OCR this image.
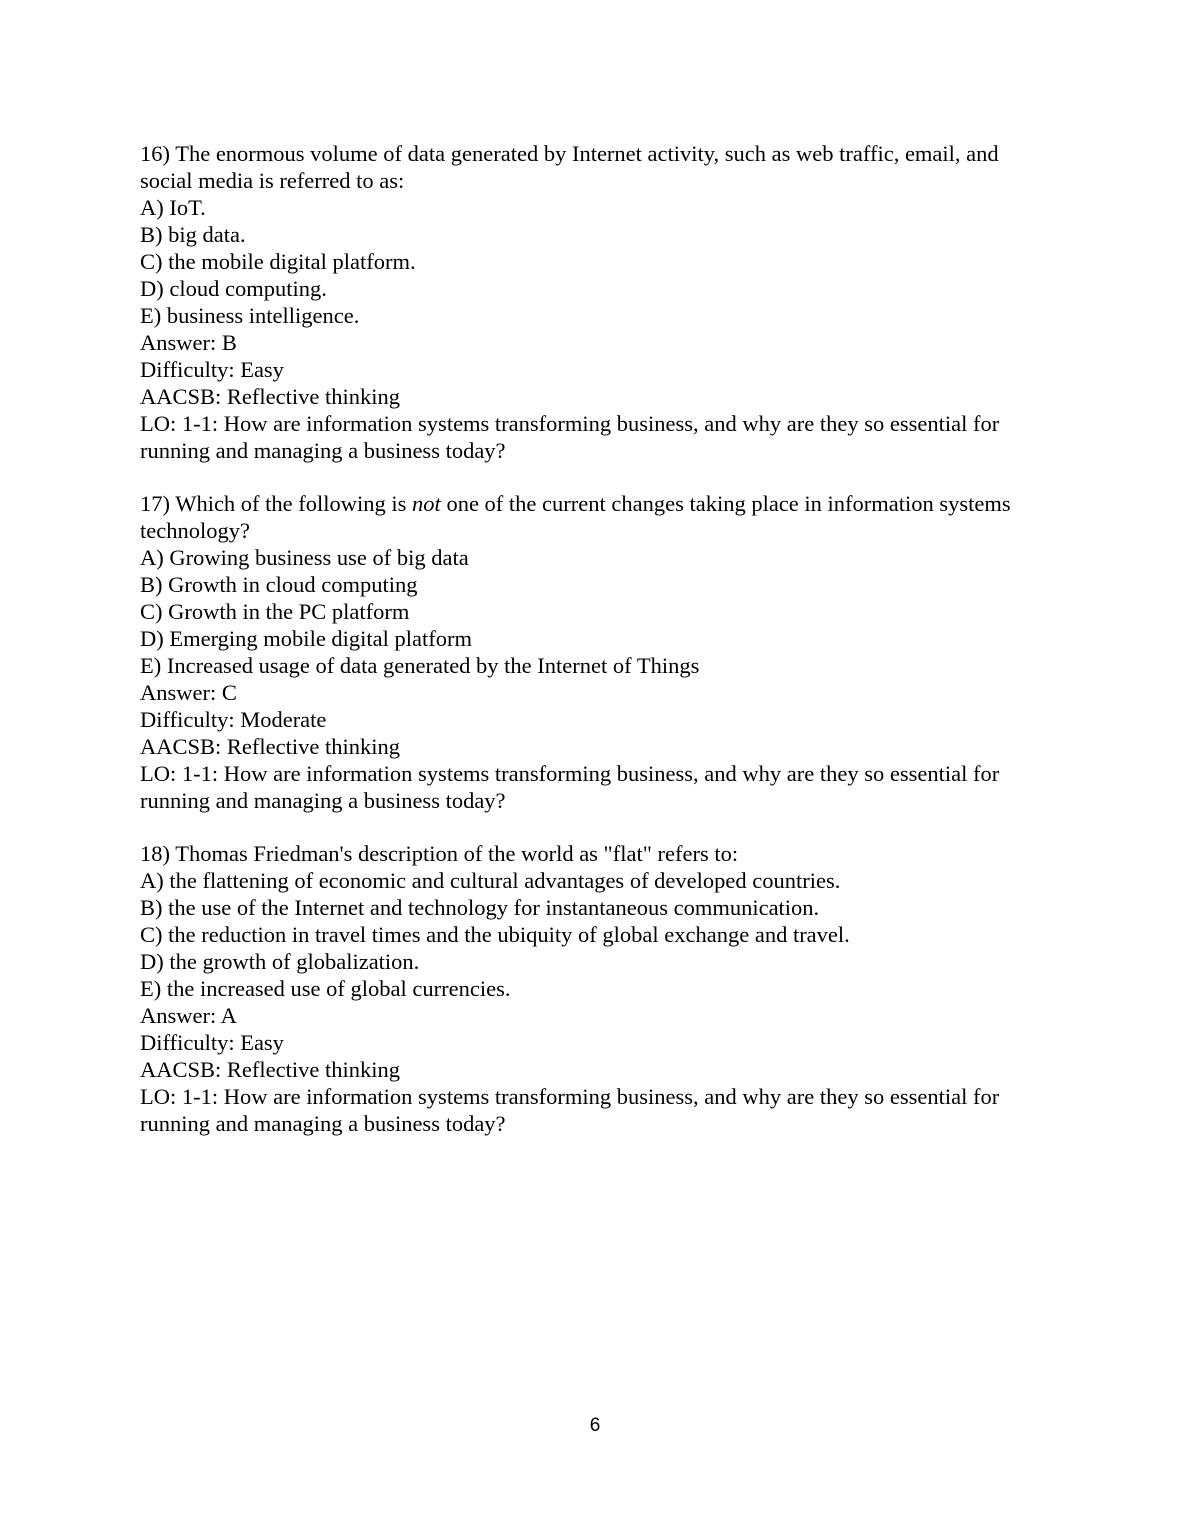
16) The enormous volume of data generated by Internet activity, such as web traffic, email, and social media is referred to as:
A) IoT.
B) big data.
C) the mobile digital platform.
D) cloud computing.
E) business intelligence.
Answer: B
Difficulty: Easy
AACSB: Reflective thinking
LO: 1-1: How are information systems transforming business, and why are they so essential for running and managing a business today?
17) Which of the following is not one of the current changes taking place in information systems technology?
A) Growing business use of big data
B) Growth in cloud computing
C) Growth in the PC platform
D) Emerging mobile digital platform
E) Increased usage of data generated by the Internet of Things
Answer: C
Difficulty: Moderate
AACSB: Reflective thinking
LO: 1-1: How are information systems transforming business, and why are they so essential for running and managing a business today?
18) Thomas Friedman's description of the world as "flat" refers to:
A) the flattening of economic and cultural advantages of developed countries.
B) the use of the Internet and technology for instantaneous communication.
C) the reduction in travel times and the ubiquity of global exchange and travel.
D) the growth of globalization.
E) the increased use of global currencies.
Answer: A
Difficulty: Easy
AACSB: Reflective thinking
LO: 1-1: How are information systems transforming business, and why are they so essential for running and managing a business today?
6
